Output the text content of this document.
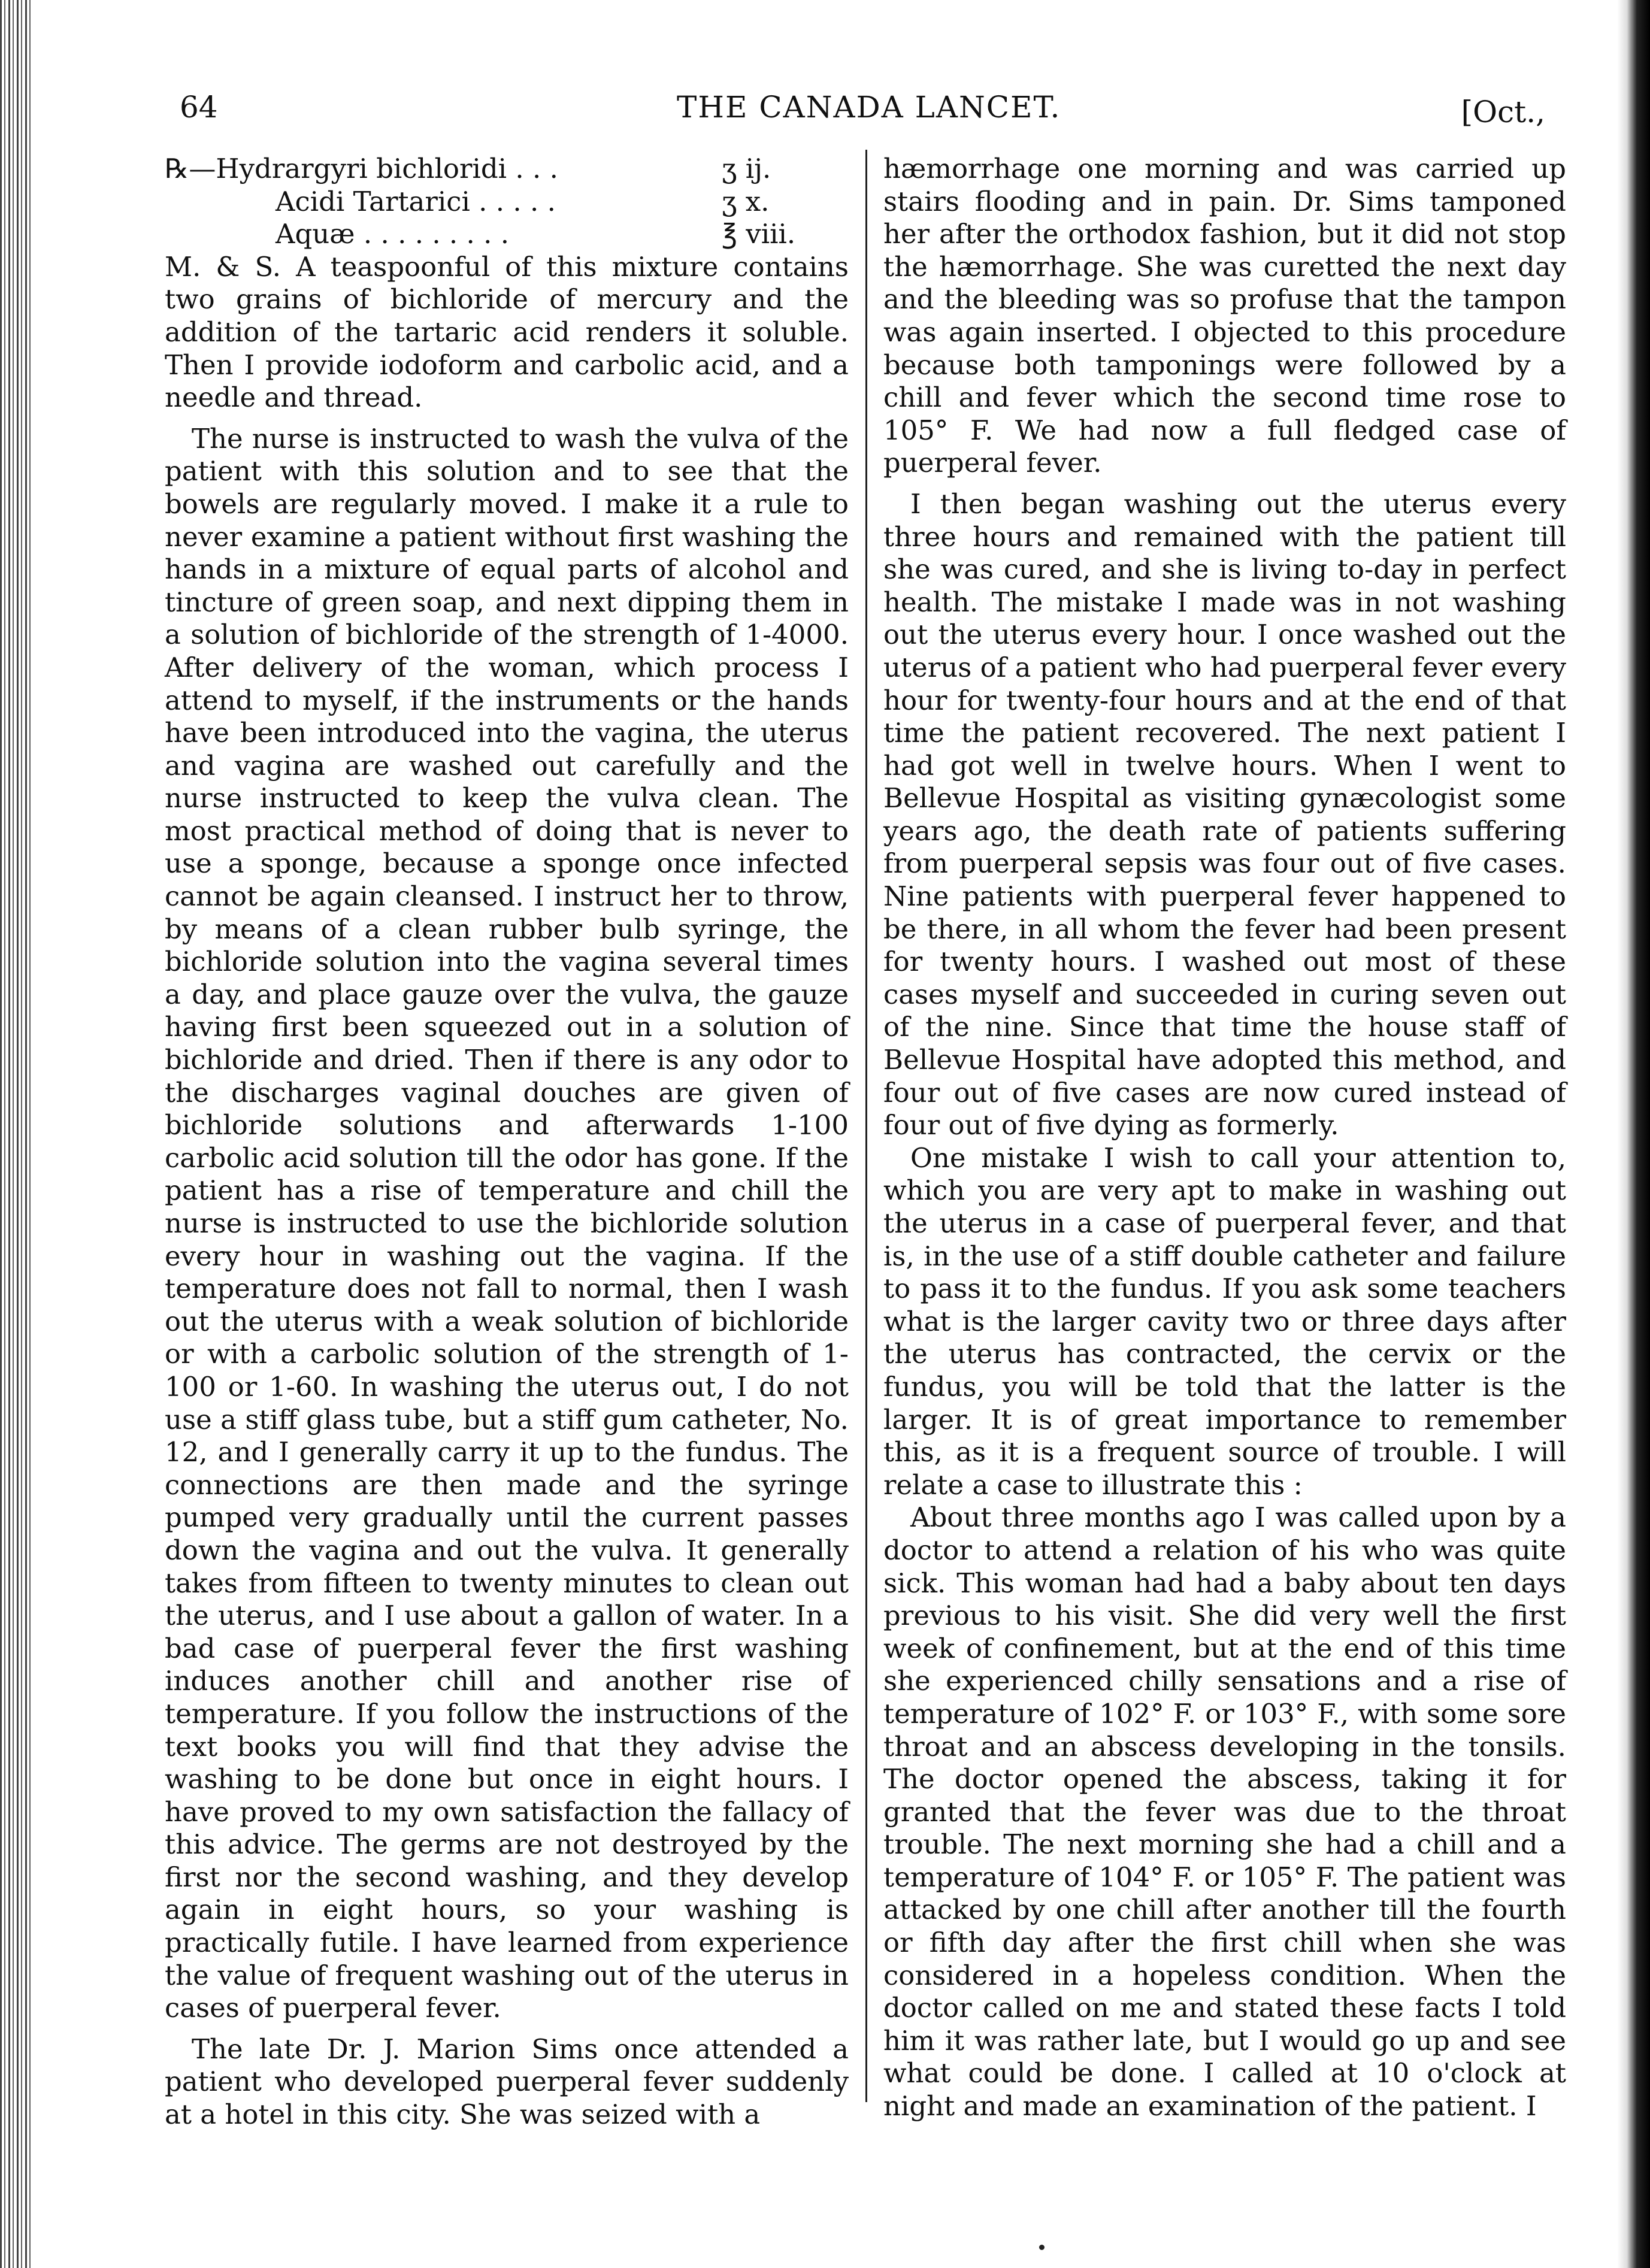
64	THE CANADA LANCET.	[Oct.,
℞—Hydrargyri bichloridi . . .	ʒ ij.
Acidi Tartarici . . . . .	ʒ x.
Aquæ . . . . . . . . .	℥ viii.

M. & S. A teaspoonful of this mixture contains two grains of bichloride of mercury and the addition of the tartaric acid renders it soluble. Then I provide iodoform and carbolic acid, and a needle and thread.

The nurse is instructed to wash the vulva of the patient with this solution and to see that the bowels are regularly moved. I make it a rule to never examine a patient without first washing the hands in a mixture of equal parts of alcohol and tincture of green soap, and next dipping them in a solution of bichloride of the strength of 1-4000. After delivery of the woman, which process I attend to myself, if the instruments or the hands have been introduced into the vagina, the uterus and vagina are washed out carefully and the nurse instructed to keep the vulva clean. The most practical method of doing that is never to use a sponge, because a sponge once infected cannot be again cleansed. I instruct her to throw, by means of a clean rubber bulb syringe, the bichloride solution into the vagina several times a day, and place gauze over the vulva, the gauze having first been squeezed out in a solution of bichloride and dried. Then if there is any odor to the discharges vaginal douches are given of bichloride solutions and afterwards 1-100 carbolic acid solution till the odor has gone. If the patient has a rise of temperature and chill the nurse is instructed to use the bichloride solution every hour in washing out the vagina. If the temperature does not fall to normal, then I wash out the uterus with a weak solution of bichloride or with a carbolic solution of the strength of 1-100 or 1-60. In washing the uterus out, I do not use a stiff glass tube, but a stiff gum catheter, No. 12, and I generally carry it up to the fundus. The connections are then made and the syringe pumped very gradually until the current passes down the vagina and out the vulva. It generally takes from fifteen to twenty minutes to clean out the uterus, and I use about a gallon of water. In a bad case of puerperal fever the first washing induces another chill and another rise of temperature. If you follow the instructions of the text books you will find that they advise the washing to be done but once in eight hours. I have proved to my own satisfaction the fallacy of this advice. The germs are not destroyed by the first nor the second washing, and they develop again in eight hours, so your washing is practically futile. I have learned from experience the value of frequent washing out of the uterus in cases of puerperal fever.

The late Dr. J. Marion Sims once attended a patient who developed puerperal fever suddenly at a hotel in this city. She was seized with a

hæmorrhage one morning and was carried up stairs flooding and in pain. Dr. Sims tamponed her after the orthodox fashion, but it did not stop the hæmorrhage. She was curetted the next day and the bleeding was so profuse that the tampon was again inserted. I objected to this procedure because both tamponings were followed by a chill and fever which the second time rose to 105° F. We had now a full fledged case of puerperal fever.

I then began washing out the uterus every three hours and remained with the patient till she was cured, and she is living to-day in perfect health. The mistake I made was in not washing out the uterus every hour. I once washed out the uterus of a patient who had puerperal fever every hour for twenty-four hours and at the end of that time the patient recovered. The next patient I had got well in twelve hours. When I went to Bellevue Hospital as visiting gynæcologist some years ago, the death rate of patients suffering from puerperal sepsis was four out of five cases. Nine patients with puerperal fever happened to be there, in all whom the fever had been present for twenty hours. I washed out most of these cases myself and succeeded in curing seven out of the nine. Since that time the house staff of Bellevue Hospital have adopted this method, and four out of five cases are now cured instead of four out of five dying as formerly.

One mistake I wish to call your attention to, which you are very apt to make in washing out the uterus in a case of puerperal fever, and that is, in the use of a stiff double catheter and failure to pass it to the fundus. If you ask some teachers what is the larger cavity two or three days after the uterus has contracted, the cervix or the fundus, you will be told that the latter is the larger. It is of great importance to remember this, as it is a frequent source of trouble. I will relate a case to illustrate this :

About three months ago I was called upon by a doctor to attend a relation of his who was quite sick. This woman had had a baby about ten days previous to his visit. She did very well the first week of confinement, but at the end of this time she experienced chilly sensations and a rise of temperature of 102° F. or 103° F., with some sore throat and an abscess developing in the tonsils. The doctor opened the abscess, taking it for granted that the fever was due to the throat trouble. The next morning she had a chill and a temperature of 104° F. or 105° F. The patient was attacked by one chill after another till the fourth or fifth day after the first chill when she was considered in a hopeless condition. When the doctor called on me and stated these facts I told him it was rather late, but I would go up and see what could be done. I called at 10 o'clock at night and made an examination of the patient. I
